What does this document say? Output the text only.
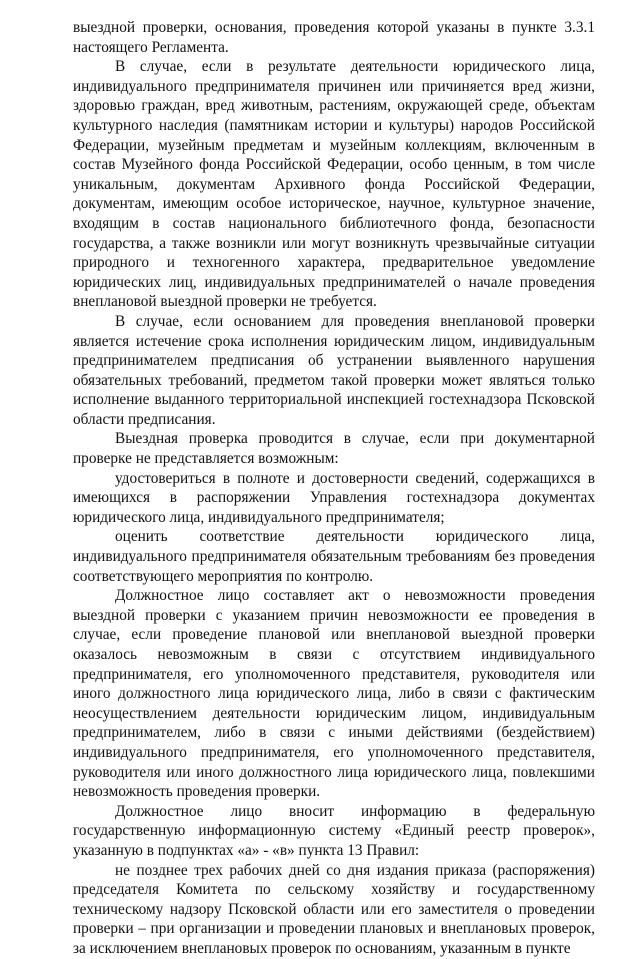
выездной проверки, основания, проведения которой указаны в пункте 3.3.1 настоящего Регламента.

В случае, если в результате деятельности юридического лица, индивидуального предпринимателя причинен или причиняется вред жизни, здоровью граждан, вред животным, растениям, окружающей среде, объектам культурного наследия (памятникам истории и культуры) народов Российской Федерации, музейным предметам и музейным коллекциям, включенным в состав Музейного фонда Российской Федерации, особо ценным, в том числе уникальным, документам Архивного фонда Российской Федерации, документам, имеющим особое историческое, научное, культурное значение, входящим в состав национального библиотечного фонда, безопасности государства, а также возникли или могут возникнуть чрезвычайные ситуации природного и техногенного характера, предварительное уведомление юридических лиц, индивидуальных предпринимателей о начале проведения внеплановой выездной проверки не требуется.

В случае, если основанием для проведения внеплановой проверки является истечение срока исполнения юридическим лицом, индивидуальным предпринимателем предписания об устранении выявленного нарушения обязательных требований, предметом такой проверки может являться только исполнение выданного территориальной инспекцией гостехнадзора Псковской области предписания.

Выездная проверка проводится в случае, если при документарной проверке не представляется возможным:

удостовериться в полноте и достоверности сведений, содержащихся в имеющихся в распоряжении Управления гостехнадзора документах юридического лица, индивидуального предпринимателя;

оценить соответствие деятельности юридического лица, индивидуального предпринимателя обязательным требованиям без проведения соответствующего мероприятия по контролю.

Должностное лицо составляет акт о невозможности проведения выездной проверки с указанием причин невозможности ее проведения в случае, если проведение плановой или внеплановой выездной проверки оказалось невозможным в связи с отсутствием индивидуального предпринимателя, его уполномоченного представителя, руководителя или иного должностного лица юридического лица, либо в связи с фактическим неосуществлением деятельности юридическим лицом, индивидуальным предпринимателем, либо в связи с иными действиями (бездействием) индивидуального предпринимателя, его уполномоченного представителя, руководителя или иного должностного лица юридического лица, повлекшими невозможность проведения проверки.

Должностное лицо вносит информацию в федеральную государственную информационную систему «Единый реестр проверок», указанную в подпунктах «а» - «в» пункта 13 Правил:

не позднее трех рабочих дней со дня издания приказа (распоряжения) председателя Комитета по сельскому хозяйству и государственному техническому надзору Псковской области или его заместителя о проведении проверки – при организации и проведении плановых и внеплановых проверок, за исключением внеплановых проверок по основаниям, указанным в пункте
